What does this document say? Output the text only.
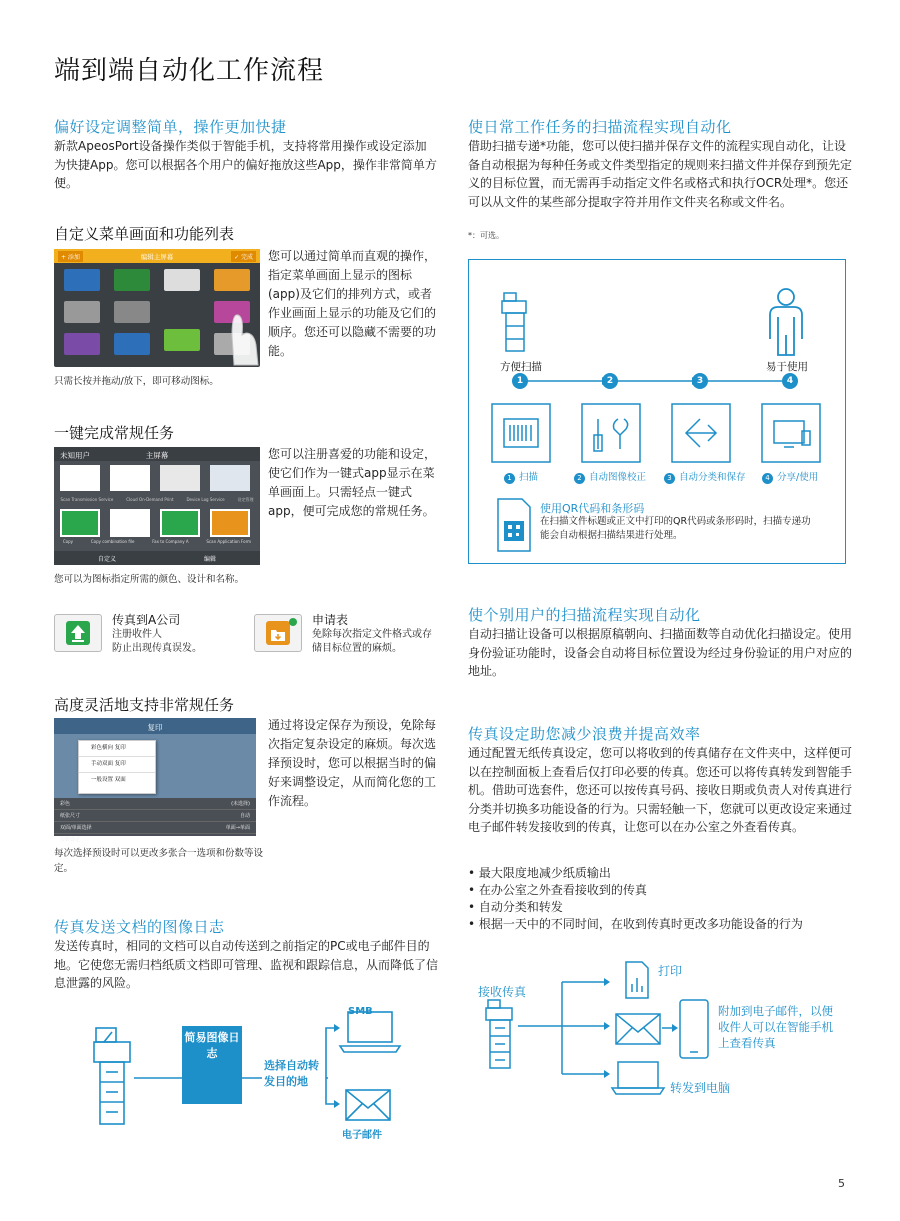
端到端自动化工作流程
偏好设定调整简单，操作更加快捷
新款ApeosPort设备操作类似于智能手机，支持将常用操作或设定添加为快捷App。您可以根据各个用户的偏好拖放这些App，操作非常简单方便。
自定义菜单画面和功能列表
+ 添加	编辑主屏幕	✓ 完成 您可以通过简单而直观的操作，指定菜单画面上显示的图标(app)及它们的排列方式，或者作业画面上显示的功能及它们的顺序。您还可以隐藏不需要的功能。
只需长按并拖动/放下，即可移动图标。
一键完成常规任务
未知用户	主屏幕
Scan Transmission Service	Cloud On-Demand Print	Device Log Service	设定管理
Copy	Copy combination file	Fax to Company A	Scan Application Form
自定义	编辑
您可以注册喜爱的功能和设定，使它们作为一键式app显示在菜单画面上。只需轻点一键式app，便可完成您的常规任务。
您可以为图标指定所需的颜色、设计和名称。
传真到A公司
注册收件人
防止出现传真误发。
申请表
免除每次指定文件格式或存储目标位置的麻烦。
高度灵活地支持非常规任务
复印
彩色横向 复印
手动双面 复印
一般设置 双面
彩色	(未选择)
纸张尺寸	自动
双面/单面选择	单面→单面
份数设定
通过将设定保存为预设，免除每次指定复杂设定的麻烦。每次选择预设时，您可以根据当时的偏好来调整设定，从而简化您的工作流程。
每次选择预设时可以更改多张合一选项和份数等设定。
传真发送文档的图像日志
发送传真时，相同的文档可以自动传送到之前指定的PC或电子邮件目的地。它使您无需归档纸质文档即可管理、监视和跟踪信息，从而降低了信息泄露的风险。
简易图像日志
选择自动转发目的地
SMB
电子邮件
使日常工作任务的扫描流程实现自动化
借助扫描专递*功能，您可以使扫描并保存文件的流程实现自动化，让设备自动根据为每种任务或文件类型指定的规则来扫描文件并保存到预先定义的目标位置，而无需再手动指定文件名或格式和执行OCR处理*。您还可以从文件的某些部分提取字符并用作文件夹名称或文件名。
*：可选。
方便扫描	易于使用
1	2	3	4
1 扫描	2 自动图像校正	3 自动分类和保存	4 分享/使用
使用QR代码和条形码
在扫描文件标题或正文中打印的QR代码或条形码时，扫描专递功能会自动根据扫描结果进行处理。
使个别用户的扫描流程实现自动化
自动扫描让设备可以根据原稿朝向、扫描面数等自动优化扫描设定。使用身份验证功能时，设备会自动将目标位置设为经过身份验证的用户对应的地址。
传真设定助您减少浪费并提高效率
通过配置无纸传真设定，您可以将收到的传真储存在文件夹中，这样便可以在控制面板上查看后仅打印必要的传真。您还可以将传真转发到智能手机。借助可选套件，您还可以按传真号码、接收日期或负责人对传真进行分类并切换多功能设备的行为。只需轻触一下，您就可以更改设定来通过电子邮件转发接收到的传真，让您可以在办公室之外查看传真。
• 最大限度地减少纸质输出
• 在办公室之外查看接收到的传真
• 自动分类和转发
• 根据一天中的不同时间，在收到传真时更改多功能设备的行为
接收传真
打印
附加到电子邮件，以便收件人可以在智能手机上查看传真
转发到电脑
5
